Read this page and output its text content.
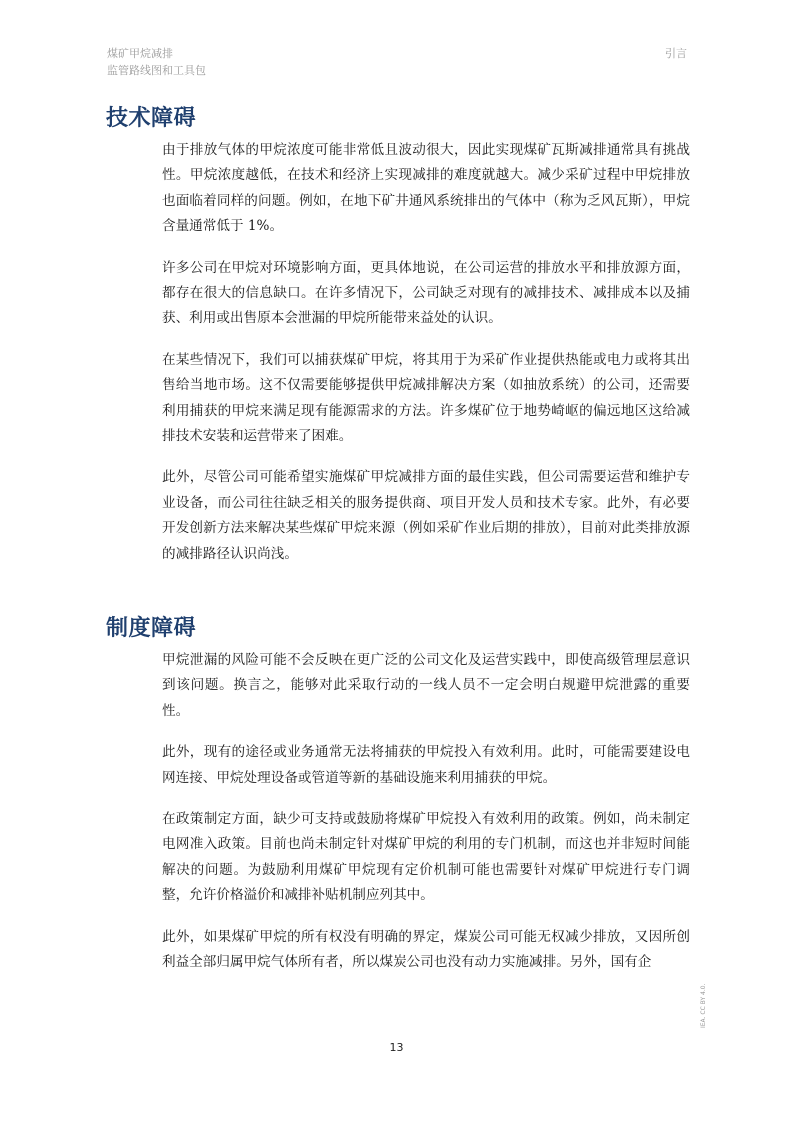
煤矿甲烷减排
监管路线图和工具包
引言
技术障碍

由于排放气体的甲烷浓度可能非常低且波动很大，因此实现煤矿瓦斯减排通常具有挑战性。甲烷浓度越低，在技术和经济上实现减排的难度就越大。减少采矿过程中甲烷排放也面临着同样的问题。例如，在地下矿井通风系统排出的气体中（称为乏风瓦斯），甲烷含量通常低于 1%。

许多公司在甲烷对环境影响方面，更具体地说，在公司运营的排放水平和排放源方面，都存在很大的信息缺口。在许多情况下，公司缺乏对现有的减排技术、减排成本以及捕获、利用或出售原本会泄漏的甲烷所能带来益处的认识。

在某些情况下，我们可以捕获煤矿甲烷，将其用于为采矿作业提供热能或电力或将其出售给当地市场。这不仅需要能够提供甲烷减排解决方案（如抽放系统）的公司，还需要利用捕获的甲烷来满足现有能源需求的方法。许多煤矿位于地势崎岖的偏远地区这给减排技术安装和运营带来了困难。

此外，尽管公司可能希望实施煤矿甲烷减排方面的最佳实践，但公司需要运营和维护专业设备，而公司往往缺乏相关的服务提供商、项目开发人员和技术专家。此外，有必要开发创新方法来解决某些煤矿甲烷来源（例如采矿作业后期的排放），目前对此类排放源的减排路径认识尚浅。

制度障碍

甲烷泄漏的风险可能不会反映在更广泛的公司文化及运营实践中，即使高级管理层意识到该问题。换言之，能够对此采取行动的一线人员不一定会明白规避甲烷泄露的重要性。

此外，现有的途径或业务通常无法将捕获的甲烷投入有效利用。此时，可能需要建设电网连接、甲烷处理设备或管道等新的基础设施来利用捕获的甲烷。

在政策制定方面，缺少可支持或鼓励将煤矿甲烷投入有效利用的政策。例如，尚未制定电网准入政策。目前也尚未制定针对煤矿甲烷的利用的专门机制，而这也并非短时间能解决的问题。为鼓励利用煤矿甲烷现有定价机制可能也需要针对煤矿甲烷进行专门调整，允许价格溢价和减排补贴机制应列其中。

此外，如果煤矿甲烷的所有权没有明确的界定，煤炭公司可能无权减少排放，又因所创利益全部归属甲烷气体所有者，所以煤炭公司也没有动力实施减排。另外，国有企

13
IEA. CC BY 4.0.
